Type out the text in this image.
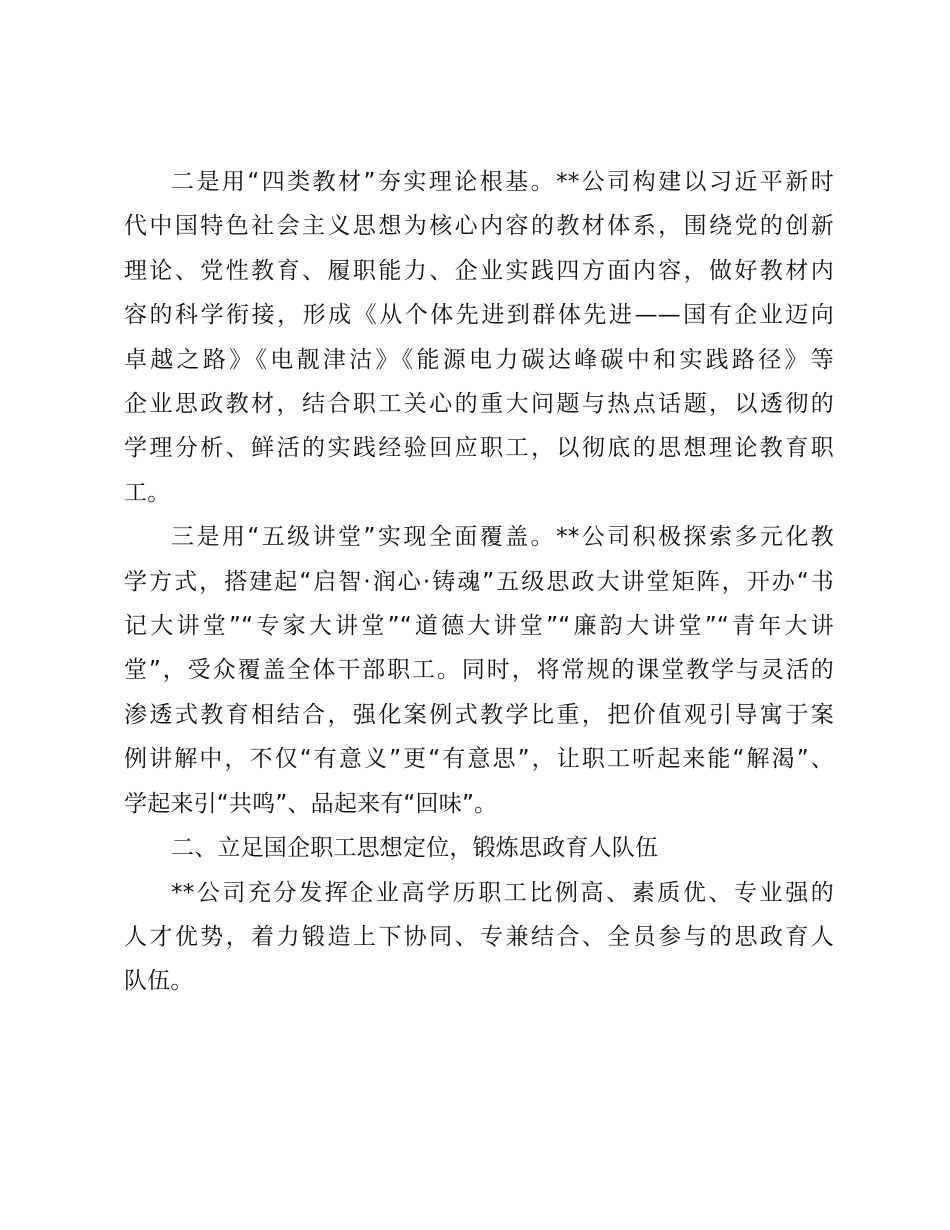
二是用“四类教材”夯实理论根基。**公司构建以习近平新时
代中国特色社会主义思想为核心内容的教材体系，围绕党的创新
理论、党性教育、履职能力、企业实践四方面内容，做好教材内
容的科学衔接，形成《从个体先进到群体先进——国有企业迈向
卓越之路》《电靓津沽》《能源电力碳达峰碳中和实践路径》等
企业思政教材，结合职工关心的重大问题与热点话题，以透彻的
学理分析、鲜活的实践经验回应职工，以彻底的思想理论教育职
工。
三是用“五级讲堂”实现全面覆盖。**公司积极探索多元化教
学方式，搭建起“启智·润心·铸魂”五级思政大讲堂矩阵，开办“书
记大讲堂”“专家大讲堂”“道德大讲堂”“廉韵大讲堂”“青年大讲
堂”，受众覆盖全体干部职工。同时，将常规的课堂教学与灵活的
渗透式教育相结合，强化案例式教学比重，把价值观引导寓于案
例讲解中，不仅“有意义”更“有意思”，让职工听起来能“解渴”、
学起来引“共鸣”、品起来有“回味”。
二、立足国企职工思想定位，锻炼思政育人队伍
**公司充分发挥企业高学历职工比例高、素质优、专业强的
人才优势，着力锻造上下协同、专兼结合、全员参与的思政育人
队伍。
